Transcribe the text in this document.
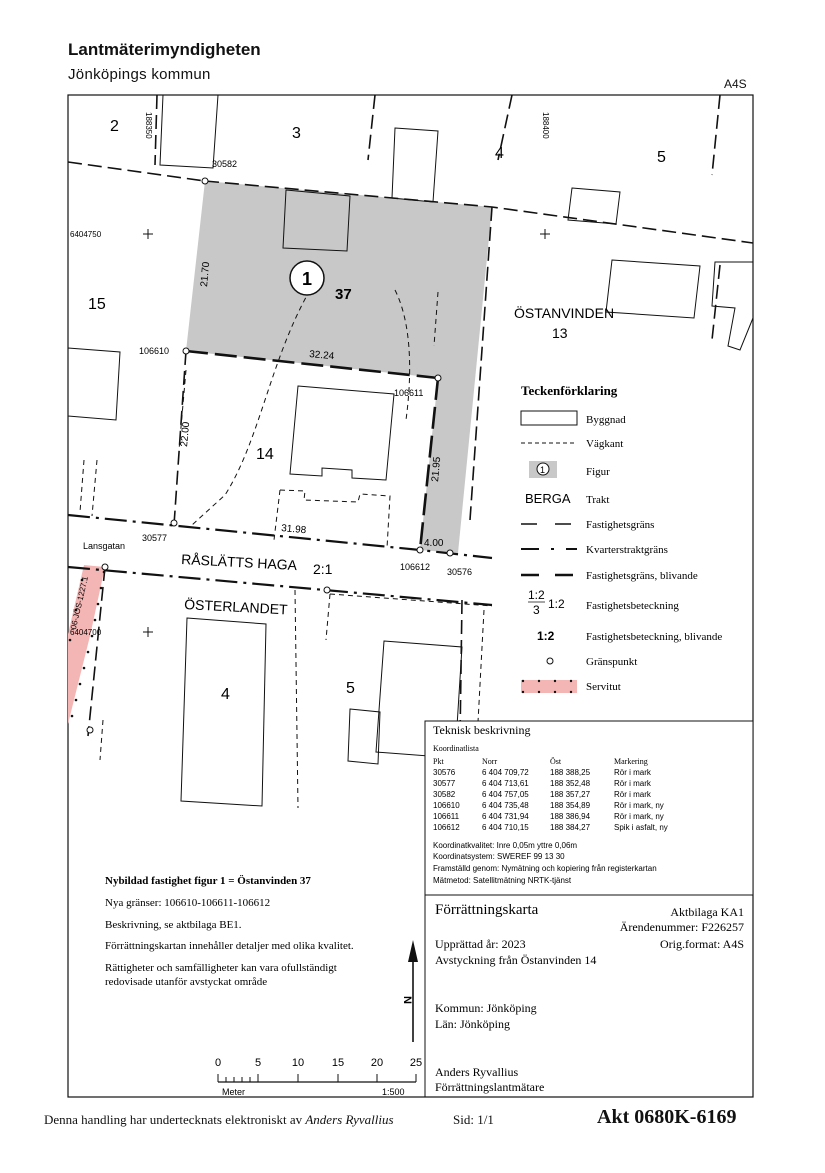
Lantmäterimyndigheten
Jönköpings kommun
A4S
188350	188400
6404750
6404700
2	3
4	5
15
14
4	5
1
37
ÖSTANVINDEN
13
RÅSLÄTTS HAGA 2:1
ÖSTERLANDET
Lansgatan
06-JÖS-1227.1
30582
106610
106611
30577
106612 30576
21.70
32.24
22.00
21.95
31.98
4.00
Teckenförklaring
Byggnad
Vägkant
1	Figur
BERGA Trakt
Fastighetsgräns
Kvarterstraktgräns
Fastighetsgräns, blivande
1:2
3 1:2 Fastighetsbeteckning
1:2	Fastighetsbeteckning, blivande
Gränspunkt
Servitut
Teknisk beskrivning
Koordinatlista
Pkt	Norr	Öst	Markering
30576	6 404 709,72	188 388,25	Rör i mark
30577	6 404 713,61	188 352,48	Rör i mark
30582	6 404 757,05	188 357,27	Rör i mark
106610	6 404 735,48	188 354,89	Rör i mark, ny
106611	6 404 731,94	188 386,94	Rör i mark, ny
106612	6 404 710,15	188 384,27	Spik i asfalt, ny
Koordinatkvalitet: Inre 0,05m yttre 0,06m
Koordinatsystem: SWEREF 99 13 30
Framställd genom: Nymätning och kopiering från registerkartan
Mätmetod: Satellitmätning NRTK-tjänst
Förrättningskarta	Aktbilaga KA1
Ärendenummer: F226257
Upprättad år: 2023	Orig.format: A4S
Avstyckning från Östanvinden 14
Kommun: Jönköping
Län: Jönköping
Anders Ryvallius
Förrättningslantmätare
Nybildad fastighet figur 1 = Östanvinden 37
Nya gränser: 106610-106611-106612
Beskrivning, se aktbilaga BE1.
Förrättningskartan innehåller detaljer med olika kvalitet.
Rättigheter och samfälligheter kan vara ofullständigt
redovisade utanför avstyckat område
N
0	5	10	15 20 25
Meter	1:500
Denna handling har undertecknats elektroniskt av Anders Ryvallius	Sid: 1/1	Akt 0680K-6169
